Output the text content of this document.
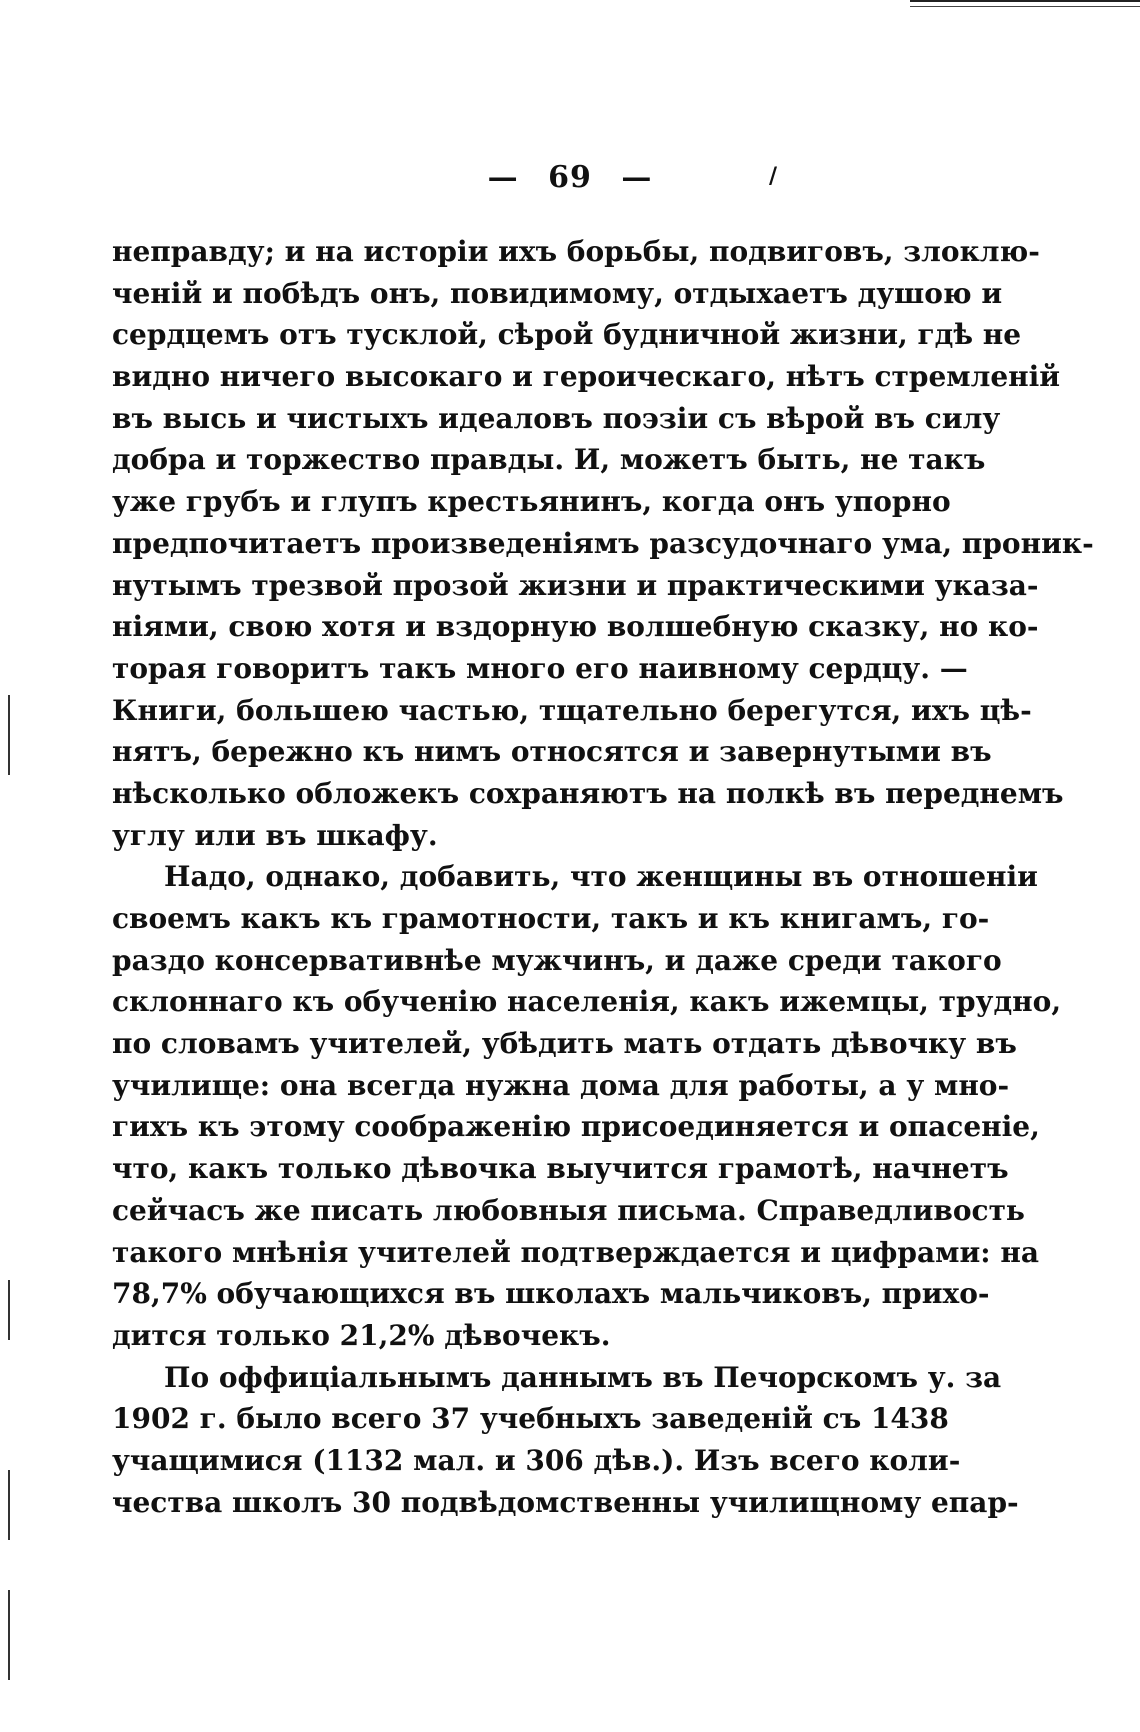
— 69 —	/
неправду; и на исторіи ихъ борьбы, подвиговъ, злоклю-
ченій и побѣдъ онъ, повидимому, отдыхаетъ душою и
сердцемъ отъ тусклой, сѣрой будничной жизни, гдѣ не
видно ничего высокаго и героическаго, нѣтъ стремленій
въ высь и чистыхъ идеаловъ поэзіи съ вѣрой въ силу
добра и торжество правды. И, можетъ быть, не такъ
уже грубъ и глупъ крестьянинъ, когда онъ упорно
предпочитаетъ произведеніямъ разсудочнаго ума, проник-
нутымъ трезвой прозой жизни и практическими указа-
ніями, свою хотя и вздорную волшебную сказку, но ко-
торая говоритъ такъ много его наивному сердцу. —
Книги, большею частью, тщательно берегутся, ихъ цѣ-
нятъ, бережно къ нимъ относятся и завернутыми въ
нѣсколько обложекъ сохраняютъ на полкѣ въ переднемъ
углу или въ шкафу.
Надо, однако, добавить, что женщины въ отношеніи
своемъ какъ къ грамотности, такъ и къ книгамъ, го-
раздо консервативнѣе мужчинъ, и даже среди такого
склоннаго къ обученію населенія, какъ ижемцы, трудно,
по словамъ учителей, убѣдить мать отдать дѣвочку въ
училище: она всегда нужна дома для работы, а у мно-
гихъ къ этому соображенію присоединяется и опасеніе,
что, какъ только дѣвочка выучится грамотѣ, начнетъ
сейчасъ же писать любовныя письма. Справедливость
такого мнѣнія учителей подтверждается и цифрами: на
78,7% обучающихся въ школахъ мальчиковъ, прихо-
дится только 21,2% дѣвочекъ.
По оффиціальнымъ даннымъ въ Печорскомъ у. за
1902 г. было всего 37 учебныхъ заведеній съ 1438
учащимися (1132 мал. и 306 дѣв.). Изъ всего коли-
чества школъ 30 подвѣдомственны училищному епар-
